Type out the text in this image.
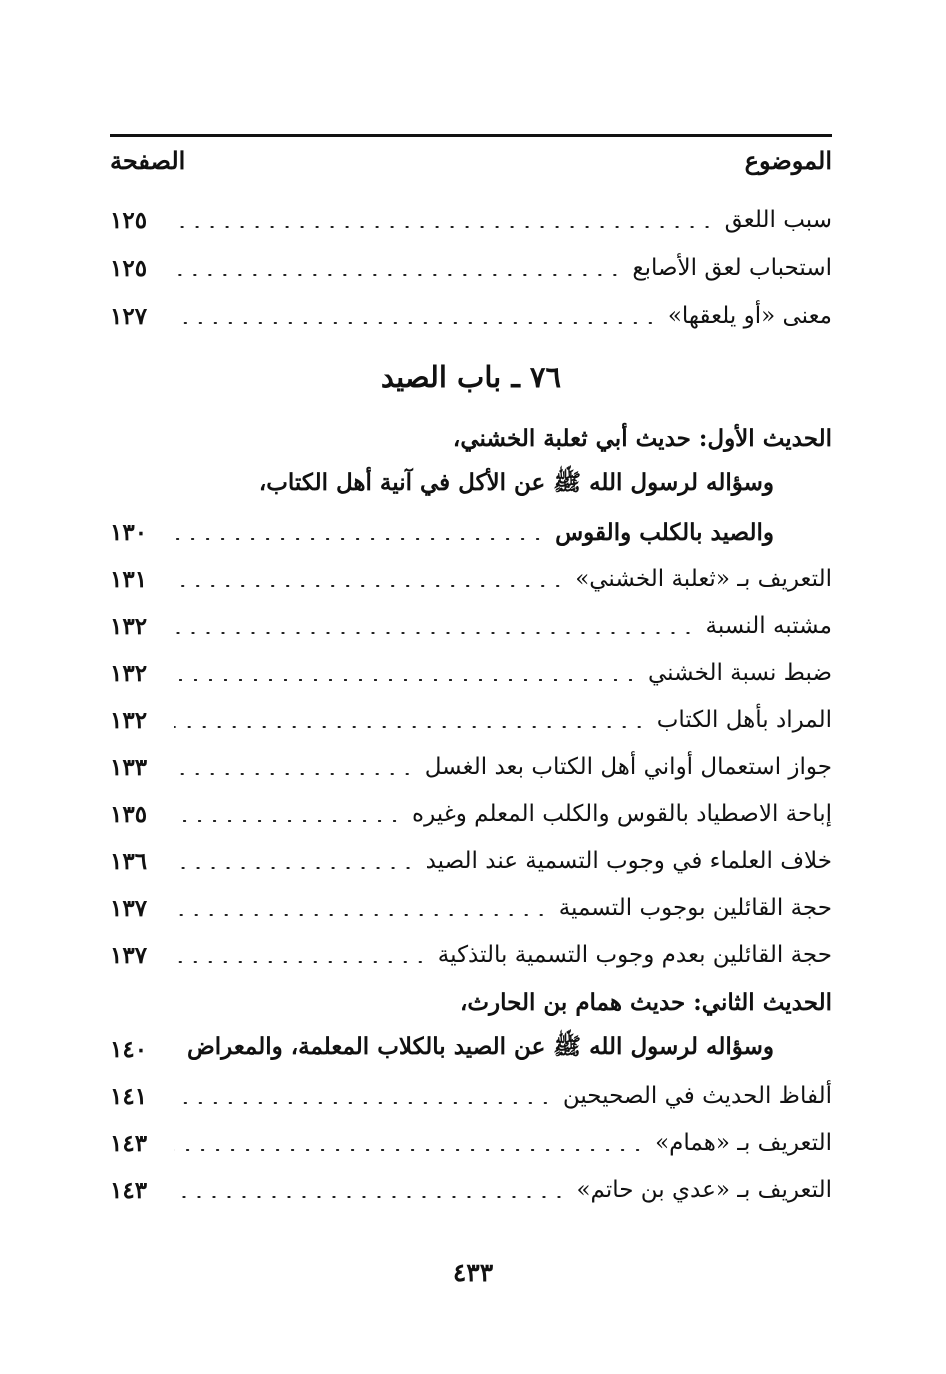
الموضوع
الصفحة
سبب اللعق
١٢٥
استحباب لعق الأصابع
١٢٥
معنى «أو يلعقها»
١٢٧
٧٦ ـ باب الصيد
الحديث الأول: حديث أبي ثعلبة الخشني،
وسؤاله لرسول الله ﷺ عن الأكل في آنية أهل الكتاب،
والصيد بالكلب والقوس
١٣٠
التعريف بـ «ثعلبة الخشني»
١٣١
مشتبه النسبة
١٣٢
ضبط نسبة الخشني
١٣٢
المراد بأهل الكتاب
١٣٢
جواز استعمال أواني أهل الكتاب بعد الغسل
١٣٣
إباحة الاصطياد بالقوس والكلب المعلم وغيره
١٣٥
خلاف العلماء في وجوب التسمية عند الصيد
١٣٦
حجة القائلين بوجوب التسمية
١٣٧
حجة القائلين بعدم وجوب التسمية بالتذكية
١٣٧
الحديث الثاني: حديث همام بن الحارث،
وسؤاله لرسول الله ﷺ عن الصيد بالكلاب المعلمة، والمعراض
١٤٠
ألفاظ الحديث في الصحيحين
١٤١
التعريف بـ «همام»
١٤٣
التعريف بـ «عدي بن حاتم»
١٤٣
٤٣٣
